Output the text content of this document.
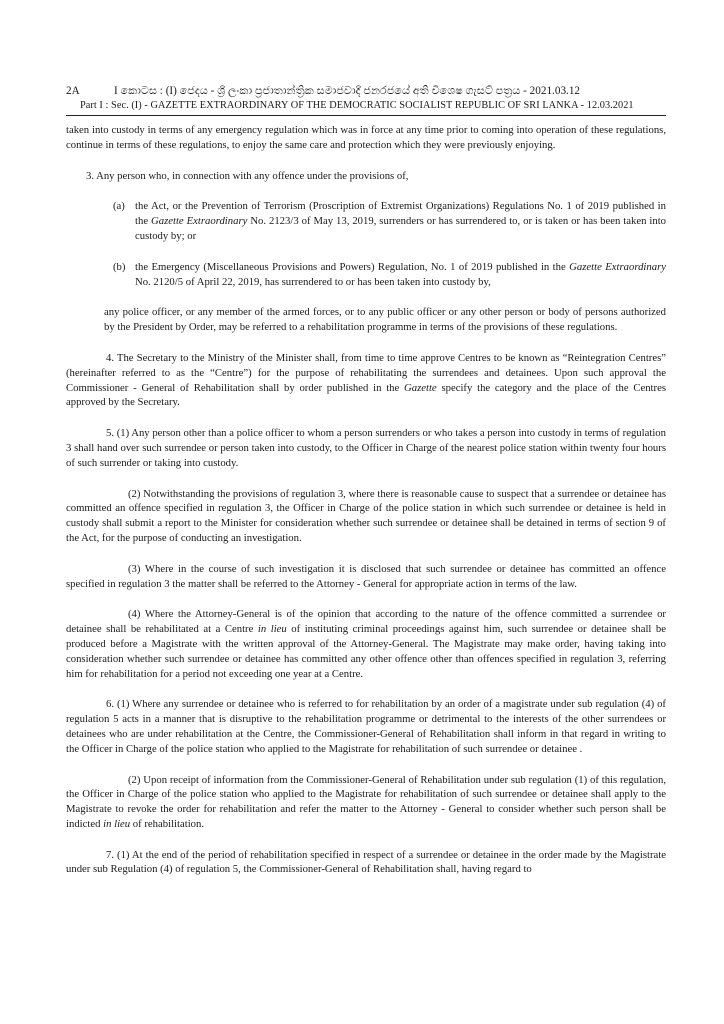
2A	I කොටස : (I) ජෙදය - ශ්‍රී ලංකා ප්‍රජාතාන්ත්‍රික සමාජවාදී ජනරජයේ අති විශෙෂ ගැසට් පත්‍රය - 2021.03.12
Part I : Sec. (I) - GAZETTE EXTRAORDINARY OF THE DEMOCRATIC SOCIALIST REPUBLIC OF SRI LANKA - 12.03.2021

taken into custody in terms of any emergency regulation which was in force at any time prior to coming into operation of these regulations, continue in terms of these regulations, to enjoy the same care and protection which they were previously enjoying.

3. Any person who, in connection with any offence under the provisions of,

(a) the Act, or the Prevention of Terrorism (Proscription of Extremist Organizations) Regulations No. 1 of 2019 published in the Gazette Extraordinary No. 2123/3 of May 13, 2019, surrenders or has surrendered to, or is taken or has been taken into custody by; or
(b) the Emergency (Miscellaneous Provisions and Powers) Regulation, No. 1 of 2019 published in the Gazette Extraordinary No. 2120/5 of April 22, 2019, has surrendered to or has been taken into custody by,

any police officer, or any member of the armed forces, or to any public officer or any other person or body of persons authorized by the President by Order, may be referred to a rehabilitation programme in terms of the provisions of these regulations.

4. The Secretary to the Ministry of the Minister shall, from time to time approve Centres to be known as “Reintegration Centres” (hereinafter referred to as the “Centre”) for the purpose of rehabilitating the surrendees and detainees. Upon such approval the Commissioner - General of Rehabilitation shall by order published in the Gazette specify the category and the place of the Centres approved by the Secretary.

5. (1) Any person other than a police officer to whom a person surrenders or who takes a person into custody in terms of regulation 3 shall hand over such surrendee or person taken into custody, to the Officer in Charge of the nearest police station within twenty four hours of such surrender or taking into custody.

(2) Notwithstanding the provisions of regulation 3, where there is reasonable cause to suspect that a surrendee or detainee has committed an offence specified in regulation 3, the Officer in Charge of the police station in which such surrendee or detainee is held in custody shall submit a report to the Minister for consideration whether such surrendee or detainee shall be detained in terms of section 9 of the Act, for the purpose of conducting an investigation.

(3) Where in the course of such investigation it is disclosed that such surrendee or detainee has committed an offence specified in regulation 3 the matter shall be referred to the Attorney - General for appropriate action in terms of the law.

(4) Where the Attorney-General is of the opinion that according to the nature of the offence committed a surrendee or detainee shall be rehabilitated at a Centre in lieu of instituting criminal proceedings against him, such surrendee or detainee shall be produced before a Magistrate with the written approval of the Attorney-General. The Magistrate may make order, having taking into consideration whether such surrendee or detainee has committed any other offence other than offences specified in regulation 3, referring him for rehabilitation for a period not exceeding one year at a Centre.

6. (1) Where any surrendee or detainee who is referred to for rehabilitation by an order of a magistrate under sub regulation (4) of regulation 5 acts in a manner that is disruptive to the rehabilitation programme or detrimental to the interests of the other surrendees or detainees who are under rehabilitation at the Centre, the Commissioner-General of Rehabilitation shall inform in that regard in writing to the Officer in Charge of the police station who applied to the Magistrate for rehabilitation of such surrendee or detainee .

(2) Upon receipt of information from the Commissioner-General of Rehabilitation under sub regulation (1) of this regulation, the Officer in Charge of the police station who applied to the Magistrate for rehabilitation of such surrendee or detainee shall apply to the Magistrate to revoke the order for rehabilitation and refer the matter to the Attorney - General to consider whether such person shall be indicted in lieu of rehabilitation.

7. (1) At the end of the period of rehabilitation specified in respect of a surrendee or detainee in the order made by the Magistrate under sub Regulation (4) of regulation 5, the Commissioner-General of Rehabilitation shall, having regard to
